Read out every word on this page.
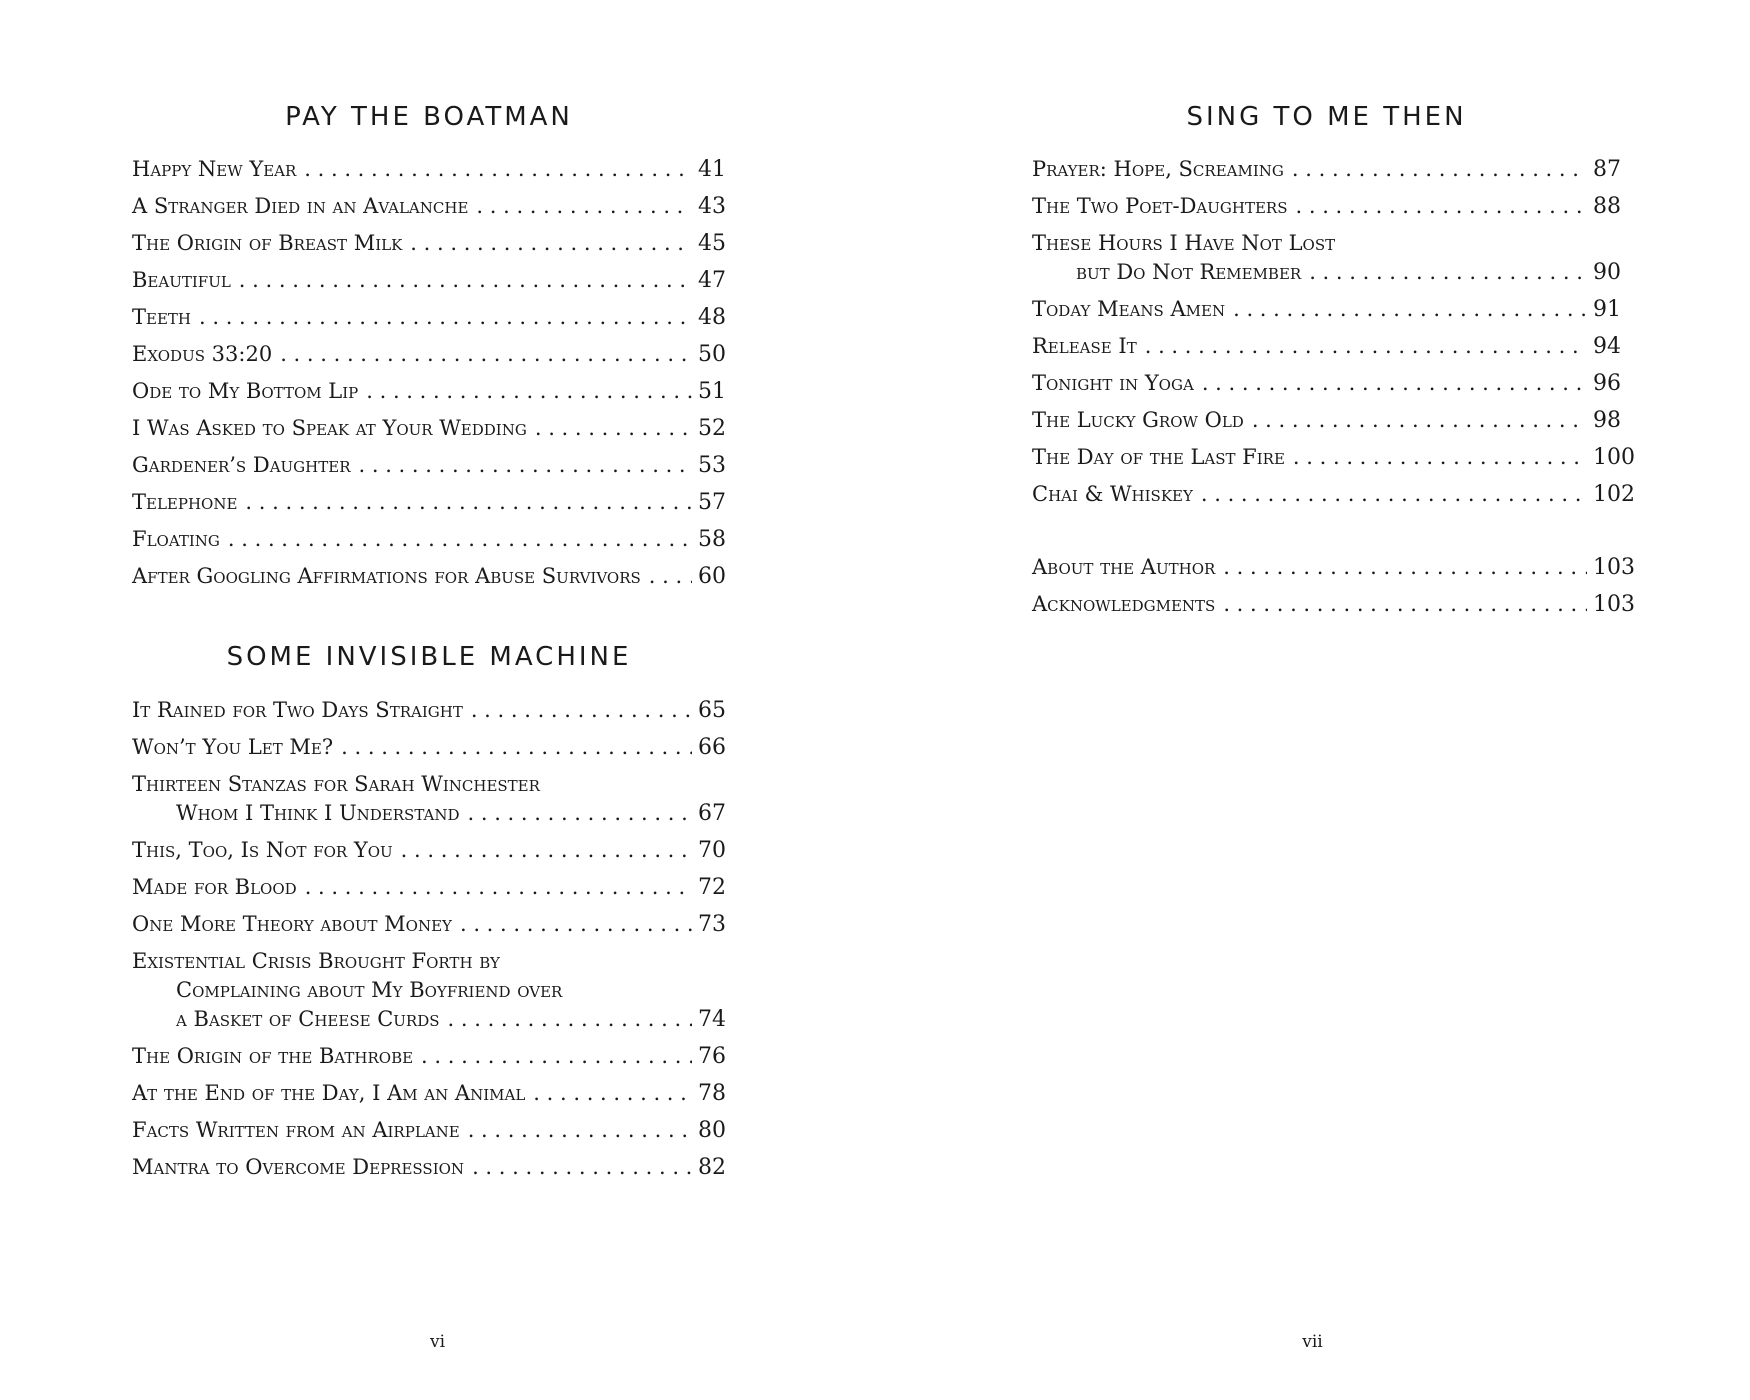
PAY THE BOATMAN
Happy New Year . . .	41
A Stranger Died in an Avalanche . . .	43
The Origin of Breast Milk . . .	45
Beautiful . . .	47
Teeth . . .	48
Exodus 33:20 . . .	50
Ode to My Bottom Lip . . .	51
I Was Asked to Speak at Your Wedding . . .	52
Gardener’s Daughter . . .	53
Telephone . . .	57
Floating . . .	58
After Googling Affirmations for Abuse Survivors . . .	60
SOME INVISIBLE MACHINE
It Rained for Two Days Straight . . .	65
Won’t You Let Me? . . .	66
Thirteen Stanzas for Sarah Winchester
Whom I Think I Understand . . .	67
This, Too, Is Not for You . . .	70
Made for Blood . . .	72
One More Theory about Money . . .	73
Existential Crisis Brought Forth by
Complaining about My Boyfriend over
a Basket of Cheese Curds . . .	74
The Origin of the Bathrobe . . .	76
At the End of the Day, I Am an Animal . . .	78
Facts Written from an Airplane . . .	80
Mantra to Overcome Depression . . .	82
vi
SING TO ME THEN
Prayer: Hope, Screaming . . .	87
The Two Poet-Daughters . . .	88
These Hours I Have Not Lost
but Do Not Remember . . .	90
Today Means Amen . . .	91
Release It . . .	94
Tonight in Yoga . . .	96
The Lucky Grow Old . . .	98
The Day of the Last Fire . . .	100
Chai & Whiskey . . .	102
About the Author . . .	103
Acknowledgments . . .	103
vii
